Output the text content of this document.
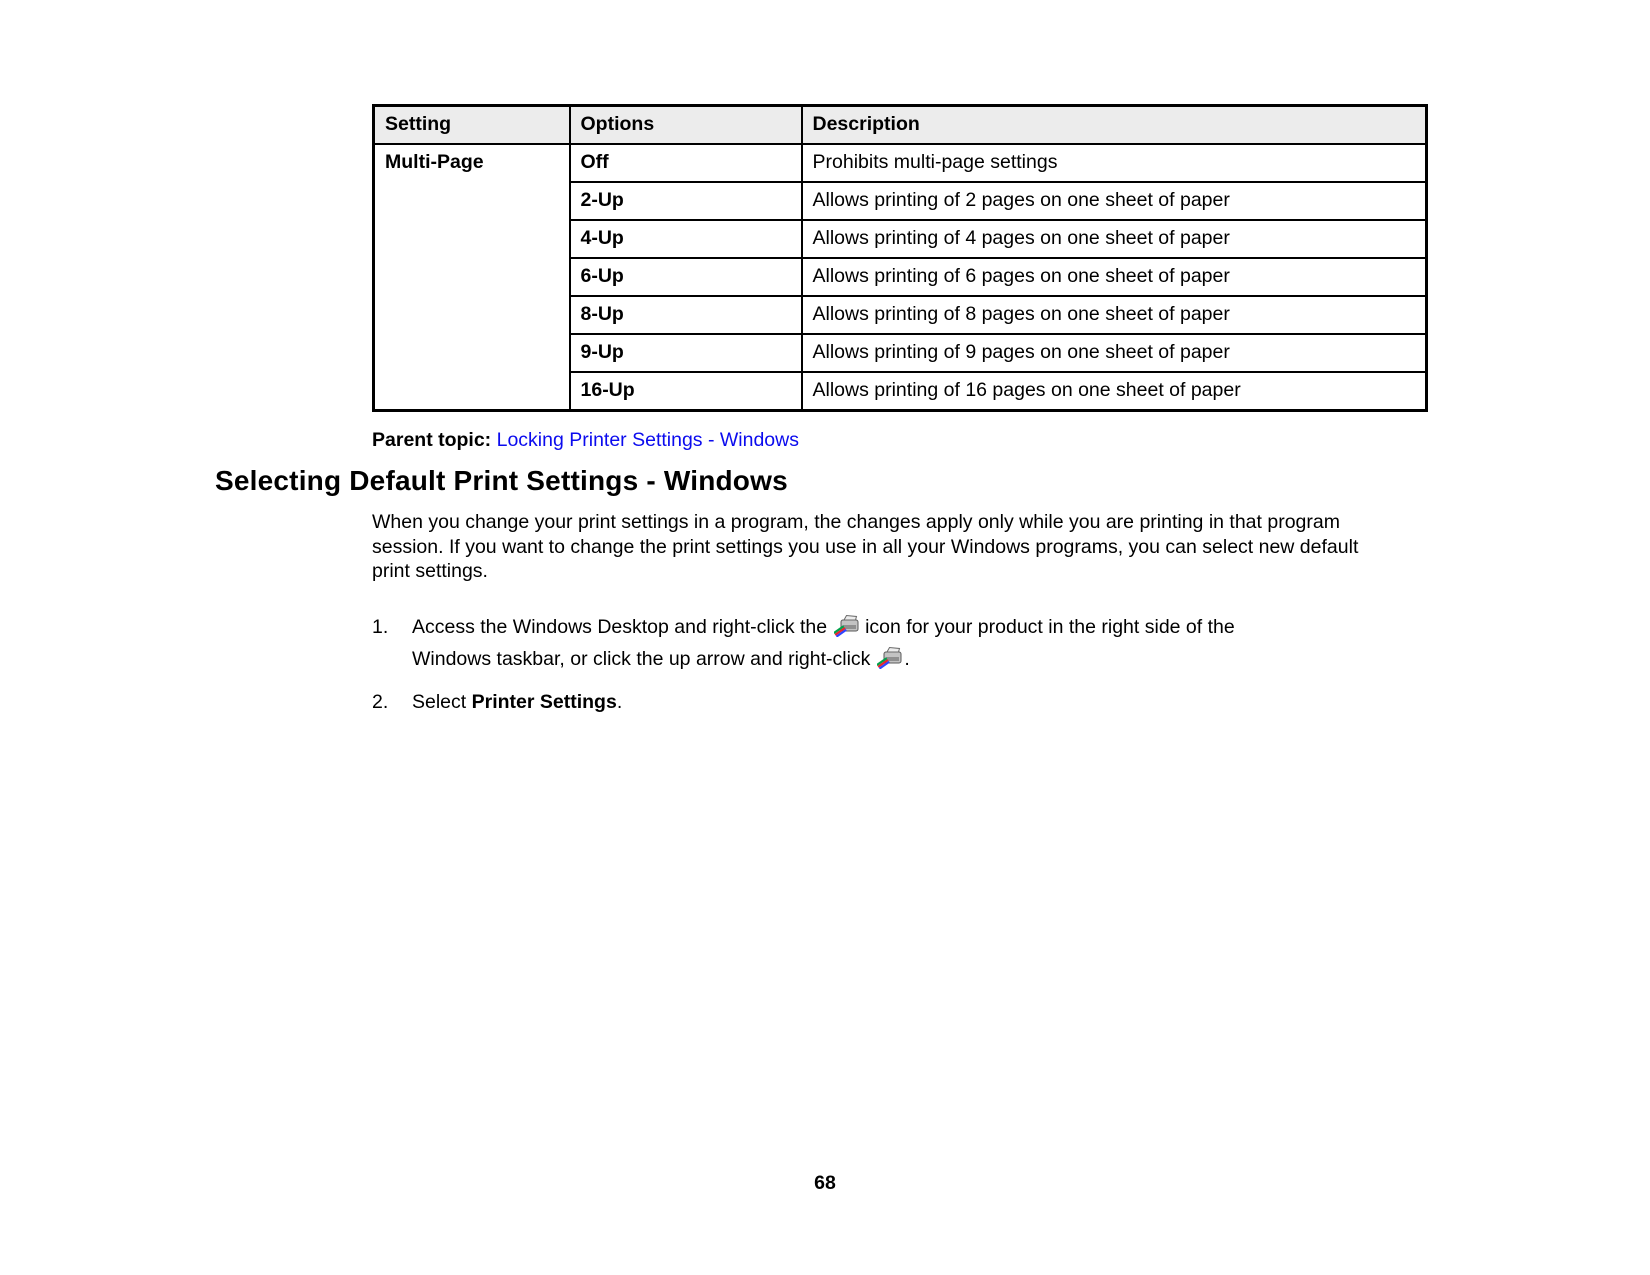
Setting	Options	Description
Multi-Page	Off	Prohibits multi-page settings
	2-Up	Allows printing of 2 pages on one sheet of paper
	4-Up	Allows printing of 4 pages on one sheet of paper
	6-Up	Allows printing of 6 pages on one sheet of paper
	8-Up	Allows printing of 8 pages on one sheet of paper
	9-Up	Allows printing of 9 pages on one sheet of paper
	16-Up	Allows printing of 16 pages on one sheet of paper

Parent topic: Locking Printer Settings - Windows

Selecting Default Print Settings - Windows

When you change your print settings in a program, the changes apply only while you are printing in that program session. If you want to change the print settings you use in all your Windows programs, you can select new default print settings.

1.	Access the Windows Desktop and right-click the icon for your product in the right side of the
Windows taskbar, or click the up arrow and right-click .
2.	Select Printer Settings.
68
